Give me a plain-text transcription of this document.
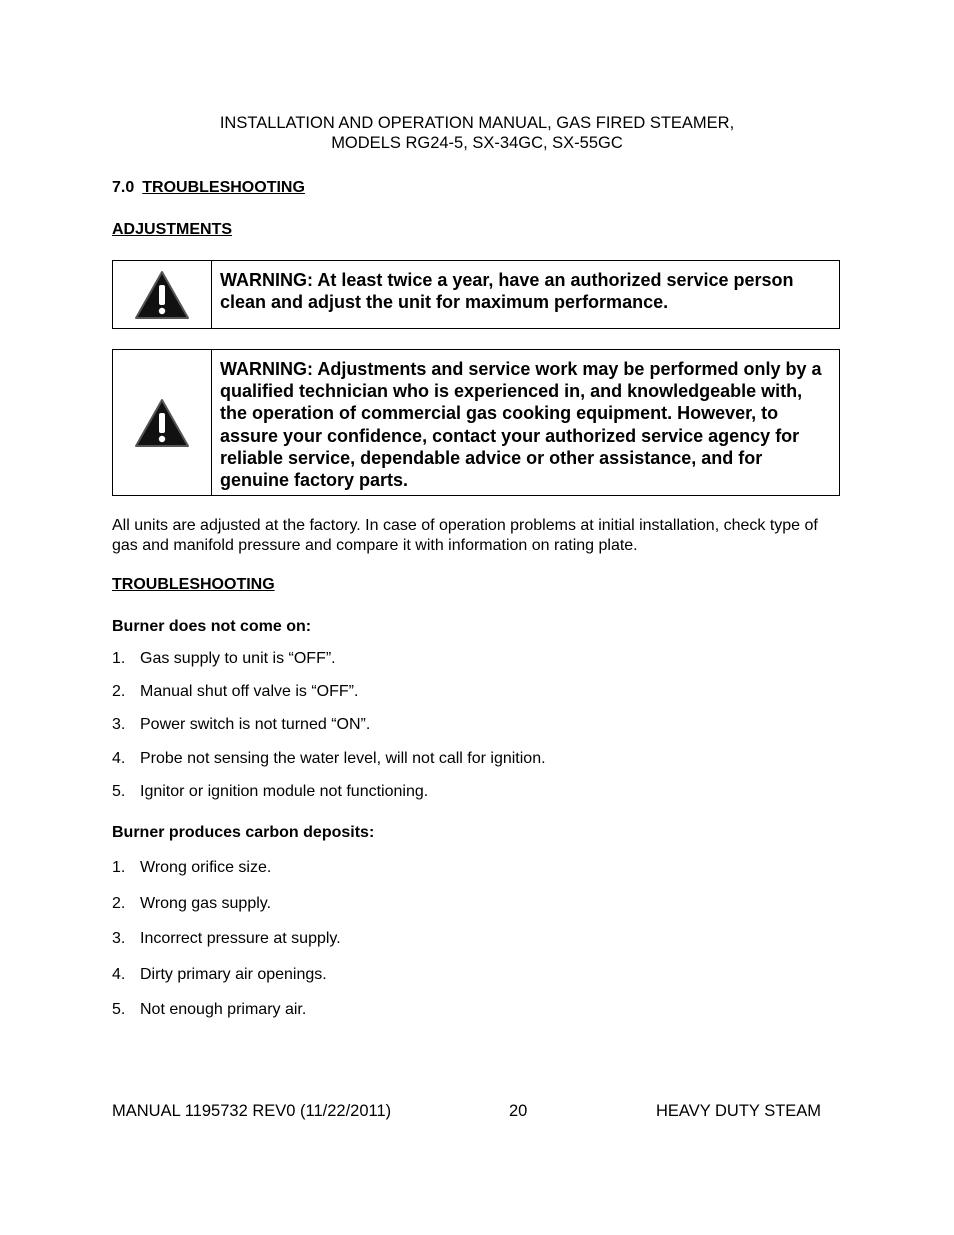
INSTALLATION AND OPERATION MANUAL, GAS FIRED STEAMER,
MODELS RG24-5, SX-34GC, SX-55GC
7.0 TROUBLESHOOTING
ADJUSTMENTS
WARNING: At least twice a year, have an authorized service person clean and adjust the unit for maximum performance.
WARNING: Adjustments and service work may be performed only by a qualified technician who is experienced in, and knowledgeable with, the operation of commercial gas cooking equipment. However, to assure your confidence, contact your authorized service agency for reliable service, dependable advice or other assistance, and for genuine factory parts.
All units are adjusted at the factory. In case of operation problems at initial installation, check type of gas and manifold pressure and compare it with information on rating plate.
TROUBLESHOOTING
Burner does not come on:
1. Gas supply to unit is “OFF”.
2. Manual shut off valve is “OFF”.
3. Power switch is not turned “ON”.
4. Probe not sensing the water level, will not call for ignition.
5. Ignitor or ignition module not functioning.
Burner produces carbon deposits:
1. Wrong orifice size.
2. Wrong gas supply.
3. Incorrect pressure at supply.
4. Dirty primary air openings.
5. Not enough primary air.
MANUAL 1195732 REV0 (11/22/2011)	20	HEAVY DUTY STEAM
